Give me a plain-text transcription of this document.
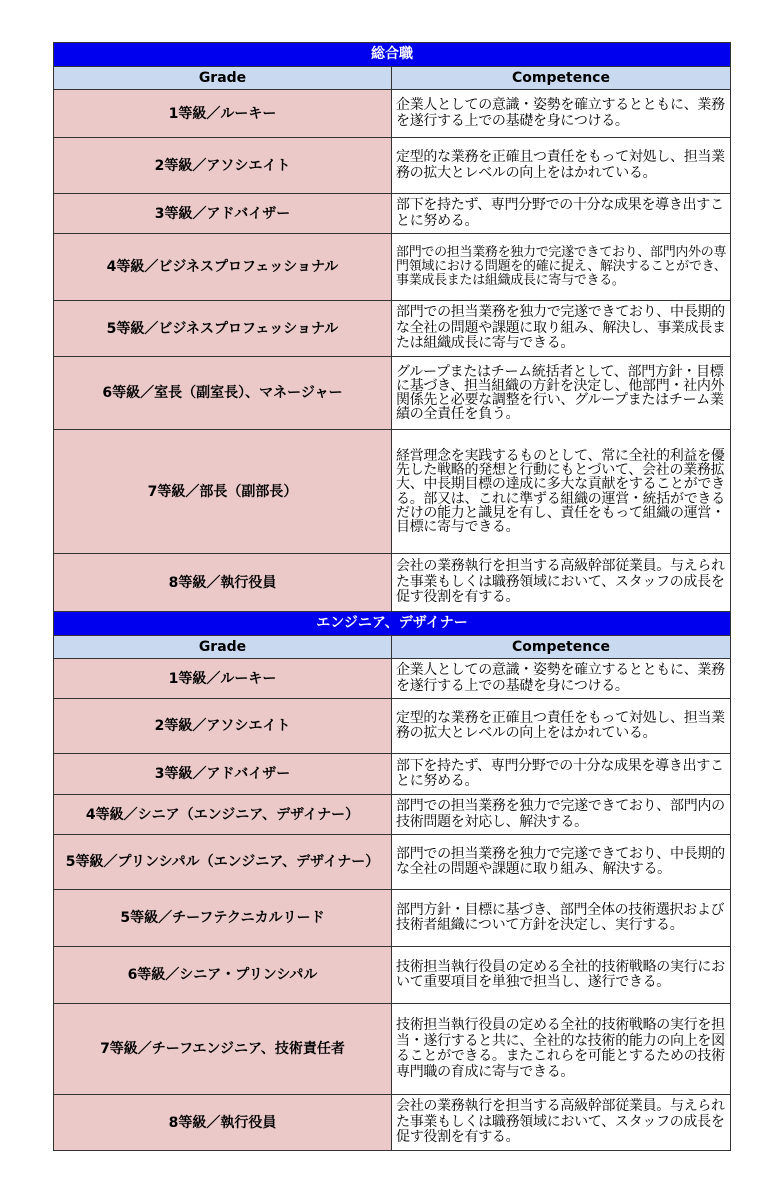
総合職	
Grade	Competence
1等級／ルーキー	企業人としての意識・姿勢を確立するとともに、業務を遂行する上での基礎を身につける。
2等級／アソシエイト	定型的な業務を正確且つ責任をもって対処し、担当業務の拡大とレベルの向上をはかれている。
3等級／アドバイザー	部下を持たず、専門分野での十分な成果を導き出すことに努める。
4等級／ビジネスプロフェッショナル	部門での担当業務を独力で完遂できており、部門内外の専門領域における問題を的確に捉え、解決することができ、事業成長または組織成長に寄与できる。
5等級／ビジネスプロフェッショナル	部門での担当業務を独力で完遂できており、中長期的な全社の問題や課題に取り組み、解決し、事業成長または組織成長に寄与できる。
6等級／室長（副室長）、マネージャー	グループまたはチーム統括者として、部門方針・目標に基づき、担当組織の方針を決定し、他部門・社内外関係先と必要な調整を行い、グループまたはチーム業績の全責任を負う。
7等級／部長（副部長）	経営理念を実践するものとして、常に全社的利益を優先した戦略的発想と行動にもとづいて、会社の業務拡大、中長期目標の達成に多大な貢献をすることができる。部又は、これに準ずる組織の運営・統括ができるだけの能力と識見を有し、責任をもって組織の運営・目標に寄与できる。
8等級／執行役員	会社の業務執行を担当する高級幹部従業員。与えられた事業もしくは職務領域において、スタッフの成長を促す役割を有する。
エンジニア、デザイナー	
Grade	Competence
1等級／ルーキー	企業人としての意識・姿勢を確立するとともに、業務を遂行する上での基礎を身につける。
2等級／アソシエイト	定型的な業務を正確且つ責任をもって対処し、担当業務の拡大とレベルの向上をはかれている。
3等級／アドバイザー	部下を持たず、専門分野での十分な成果を導き出すことに努める。
4等級／シニア（エンジニア、デザイナー）	部門での担当業務を独力で完遂できており、部門内の技術問題を対応し、解決する。
5等級／プリンシパル（エンジニア、デザイナー）	部門での担当業務を独力で完遂できており、中長期的な全社の問題や課題に取り組み、解決する。
5等級／チーフテクニカルリード	部門方針・目標に基づき、部門全体の技術選択および技術者組織について方針を決定し、実行する。
6等級／シニア・プリンシパル	技術担当執行役員の定める全社的技術戦略の実行において重要項目を単独で担当し、遂行できる。
7等級／チーフエンジニア、技術責任者	技術担当執行役員の定める全社的技術戦略の実行を担当・遂行すると共に、全社的な技術的能力の向上を図ることができる。またこれらを可能とするための技術専門職の育成に寄与できる。
8等級／執行役員	会社の業務執行を担当する高級幹部従業員。与えられた事業もしくは職務領域において、スタッフの成長を促す役割を有する。
